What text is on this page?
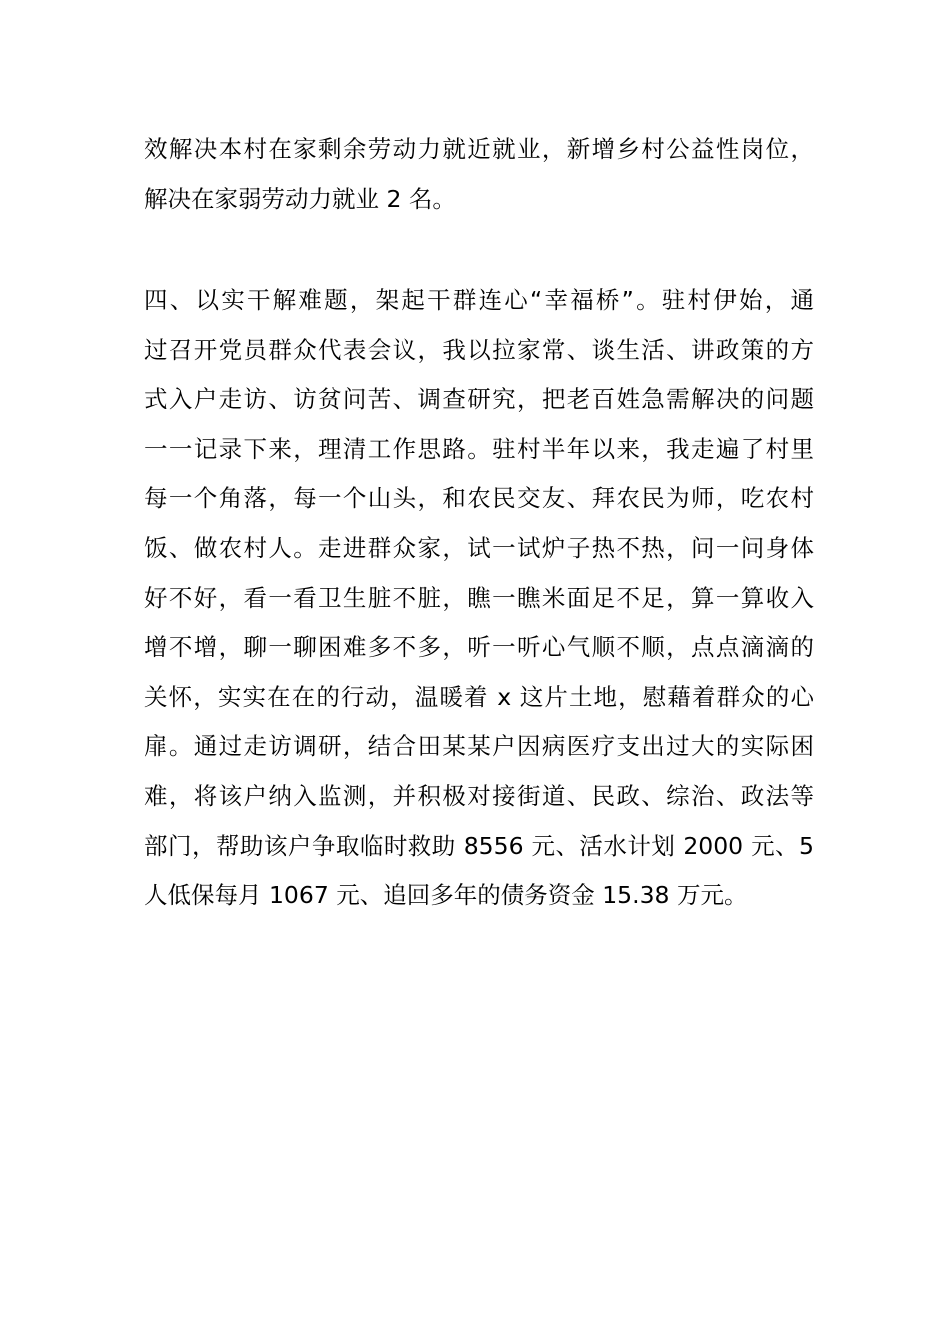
效解决本村在家剩余劳动力就近就业，新增乡村公益性岗位，
解决在家弱劳动力就业 2 名。
四、以实干解难题，架起干群连心“幸福桥”。驻村伊始，通
过召开党员群众代表会议，我以拉家常、谈生活、讲政策的方
式入户走访、访贫问苦、调查研究，把老百姓急需解决的问题
一一记录下来，理清工作思路。驻村半年以来，我走遍了村里
每一个角落，每一个山头，和农民交友、拜农民为师，吃农村
饭、做农村人。走进群众家，试一试炉子热不热，问一问身体
好不好，看一看卫生脏不脏，瞧一瞧米面足不足，算一算收入
增不增，聊一聊困难多不多，听一听心气顺不顺，点点滴滴的
关怀，实实在在的行动，温暖着 x 这片土地，慰藉着群众的心
扉。通过走访调研，结合田某某户因病医疗支出过大的实际困
难，将该户纳入监测，并积极对接街道、民政、综治、政法等
部门，帮助该户争取临时救助 8556 元、活水计划 2000 元、5
人低保每月 1067 元、追回多年的债务资金 15.38 万元。
